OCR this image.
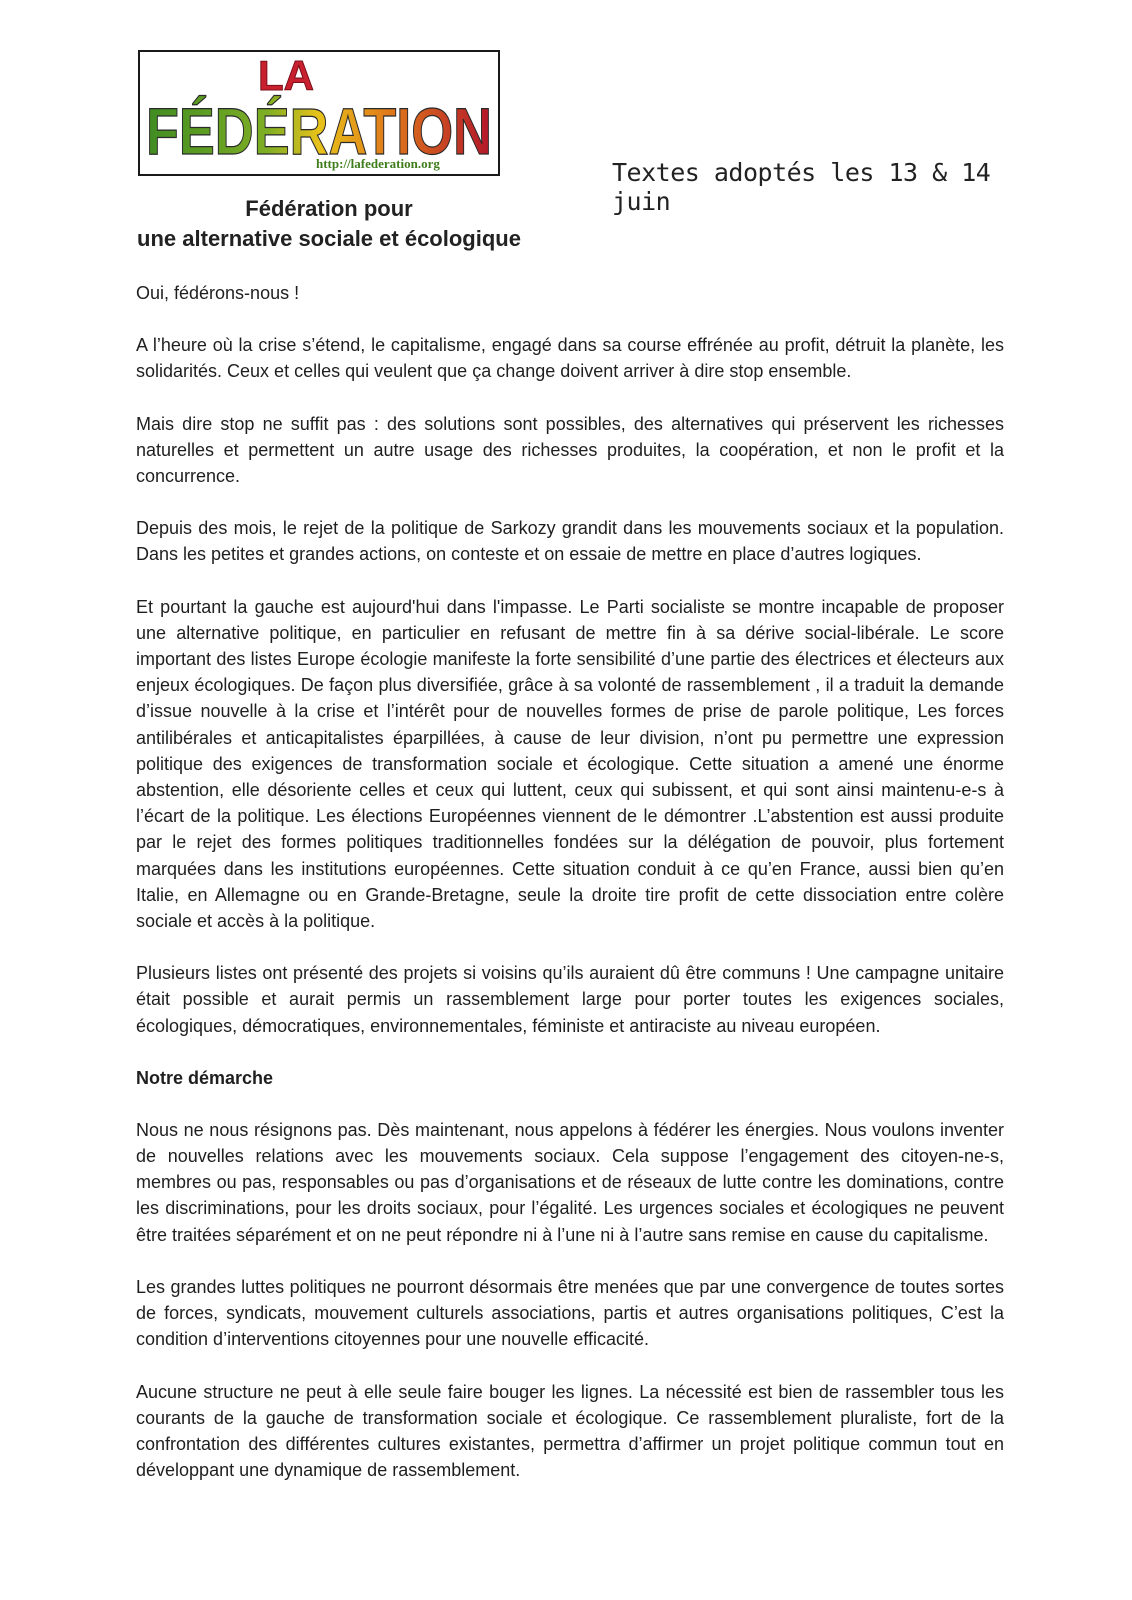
LA
FÉDÉRATION
http://lafederation.org	Textes adoptés les 13 & 14 juin
Fédération pour
une alternative sociale et écologique

Oui, fédérons-nous !

A l’heure où la crise s’étend, le capitalisme, engagé dans sa course effrénée au profit, détruit la planète, les solidarités. Ceux et celles qui veulent que ça change doivent arriver à dire stop ensemble.

Mais dire stop ne suffit pas : des solutions sont possibles, des alternatives qui préservent les richesses naturelles et permettent un autre usage des richesses produites, la coopération, et non le profit et la concurrence.

Depuis des mois, le rejet de la politique de Sarkozy grandit dans les mouvements sociaux et la population. Dans les petites et grandes actions, on conteste et on essaie de mettre en place d’autres logiques.

Et pourtant la gauche est aujourd'hui dans l'impasse. Le Parti socialiste se montre incapable de proposer une alternative politique, en particulier en refusant de mettre fin à sa dérive social-libérale. Le score important des listes Europe écologie manifeste la forte sensibilité d’une partie des électrices et électeurs aux enjeux écologiques. De façon plus diversifiée, grâce à sa volonté de rassemblement , il a traduit la demande d’issue nouvelle à la crise et l’intérêt pour de nouvelles formes de prise de parole politique, Les forces antilibérales et anticapitalistes éparpillées, à cause de leur division, n’ont pu permettre une expression politique des exigences de transformation sociale et écologique. Cette situation a amené une énorme abstention, elle désoriente celles et ceux qui luttent, ceux qui subissent, et qui sont ainsi maintenu-e-s à l’écart de la politique. Les élections Européennes viennent de le démontrer .L’abstention est aussi produite par le rejet des formes politiques traditionnelles fondées sur la délégation de pouvoir, plus fortement marquées dans les institutions européennes. Cette situation conduit à ce qu’en France, aussi bien qu’en Italie, en Allemagne ou en Grande-Bretagne, seule la droite tire profit de cette dissociation entre colère sociale et accès à la politique.

Plusieurs listes ont présenté des projets si voisins qu’ils auraient dû être communs ! Une campagne unitaire était possible et aurait permis un rassemblement large pour porter toutes les exigences sociales, écologiques, démocratiques, environnementales, féministe et antiraciste au niveau européen.

Notre démarche

Nous ne nous résignons pas. Dès maintenant, nous appelons à fédérer les énergies. Nous voulons inventer de nouvelles relations avec les mouvements sociaux. Cela suppose l’engagement des citoyen-ne-s, membres ou pas, responsables ou pas d’organisations et de réseaux de lutte contre les dominations, contre les discriminations, pour les droits sociaux, pour l’égalité. Les urgences sociales et écologiques ne peuvent être traitées séparément et on ne peut répondre ni à l’une ni à l’autre sans remise en cause du capitalisme.

Les grandes luttes politiques ne pourront désormais être menées que par une convergence de toutes sortes de forces, syndicats, mouvement culturels associations, partis et autres organisations politiques, C’est la condition d’interventions citoyennes pour une nouvelle efficacité.

Aucune structure ne peut à elle seule faire bouger les lignes. La nécessité est bien de rassembler tous les courants de la gauche de transformation sociale et écologique. Ce rassemblement pluraliste, fort de la confrontation des différentes cultures existantes, permettra d’affirmer un projet politique commun tout en développant une dynamique de rassemblement.
